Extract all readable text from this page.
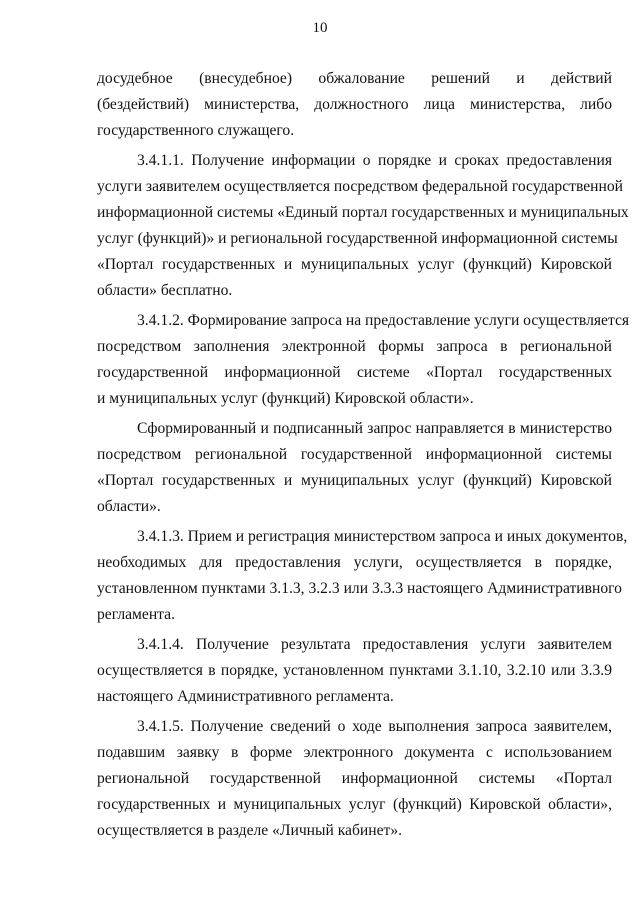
10
досудебное (внесудебное) обжалование решений и действий
(бездействий) министерства, должностного лица министерства, либо
государственного служащего.
3.4.1.1. Получение информации о порядке и сроках предоставления
услуги заявителем осуществляется посредством федеральной государственной
информационной системы «Единый портал государственных и муниципальных
услуг (функций)» и региональной государственной информационной системы
«Портал государственных и муниципальных услуг (функций) Кировской
области» бесплатно.
3.4.1.2. Формирование запроса на предоставление услуги осуществляется
посредством заполнения электронной формы запроса в региональной
государственной информационной системе «Портал государственных
и муниципальных услуг (функций) Кировской области».
Сформированный и подписанный запрос направляется в министерство
посредством региональной государственной информационной системы
«Портал государственных и муниципальных услуг (функций) Кировской
области».
3.4.1.3. Прием и регистрация министерством запроса и иных документов,
необходимых для предоставления услуги, осуществляется в порядке,
установленном пунктами 3.1.3, 3.2.3 или 3.3.3 настоящего Административного
регламента.
3.4.1.4. Получение результата предоставления услуги заявителем
осуществляется в порядке, установленном пунктами 3.1.10, 3.2.10 или 3.3.9
настоящего Административного регламента.
3.4.1.5. Получение сведений о ходе выполнения запроса заявителем,
подавшим заявку в форме электронного документа с использованием
региональной государственной информационной системы «Портал
государственных и муниципальных услуг (функций) Кировской области»,
осуществляется в разделе «Личный кабинет».
